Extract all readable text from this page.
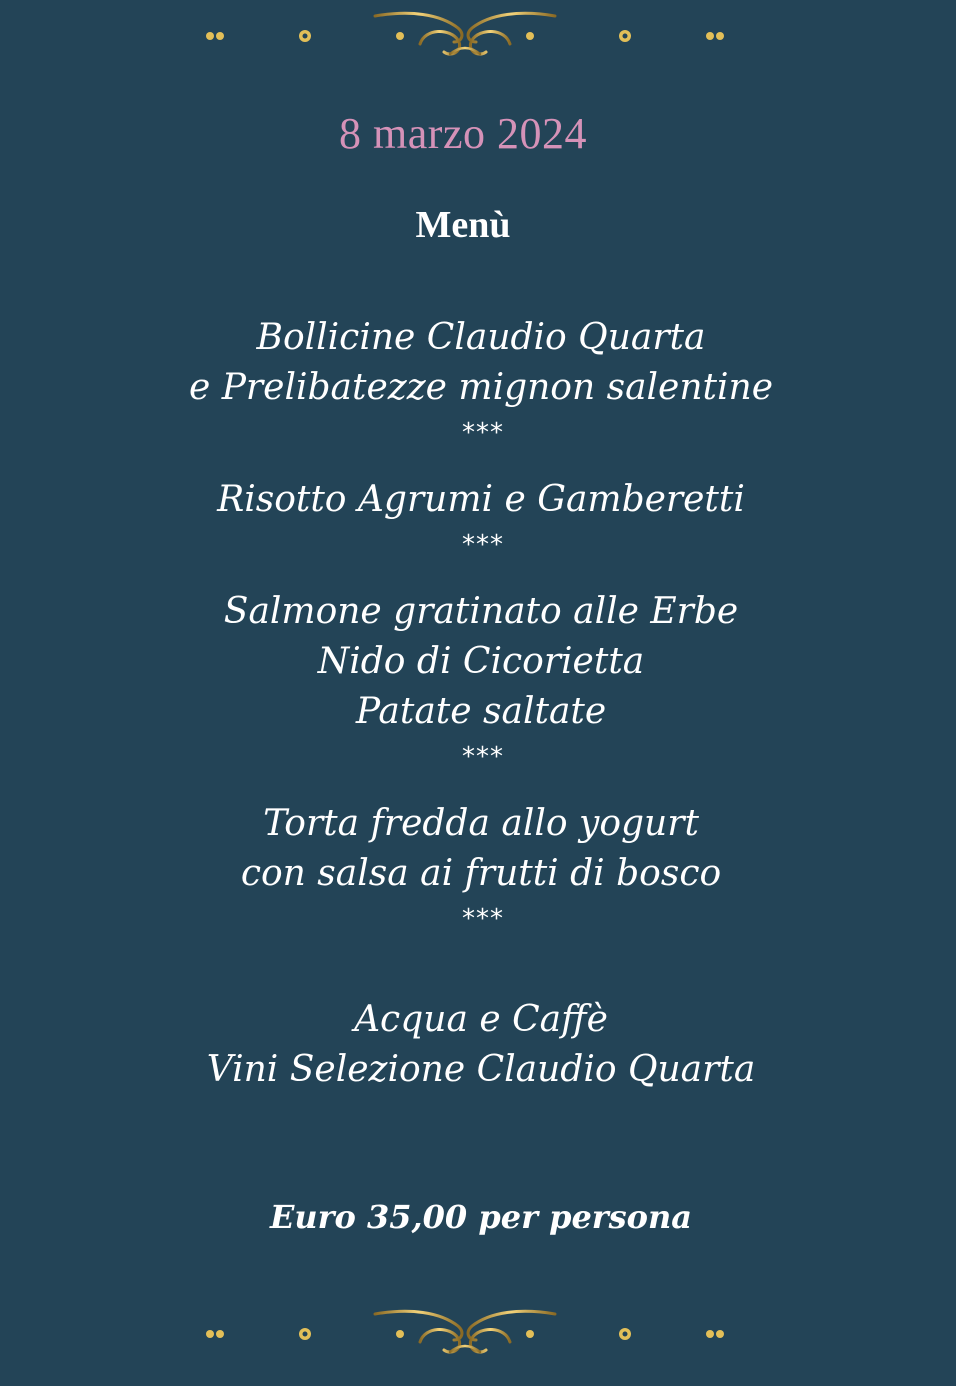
8 marzo 2024
Menù
Bollicine Claudio Quarta
e Prelibatezze mignon salentine
***
Risotto Agrumi e Gamberetti
***
Salmone gratinato alle Erbe
Nido di Cicorietta
Patate saltate
***
Torta fredda allo yogurt
con salsa ai frutti di bosco
***
Acqua e Caffè
Vini Selezione Claudio Quarta
Euro 35,00 per persona
